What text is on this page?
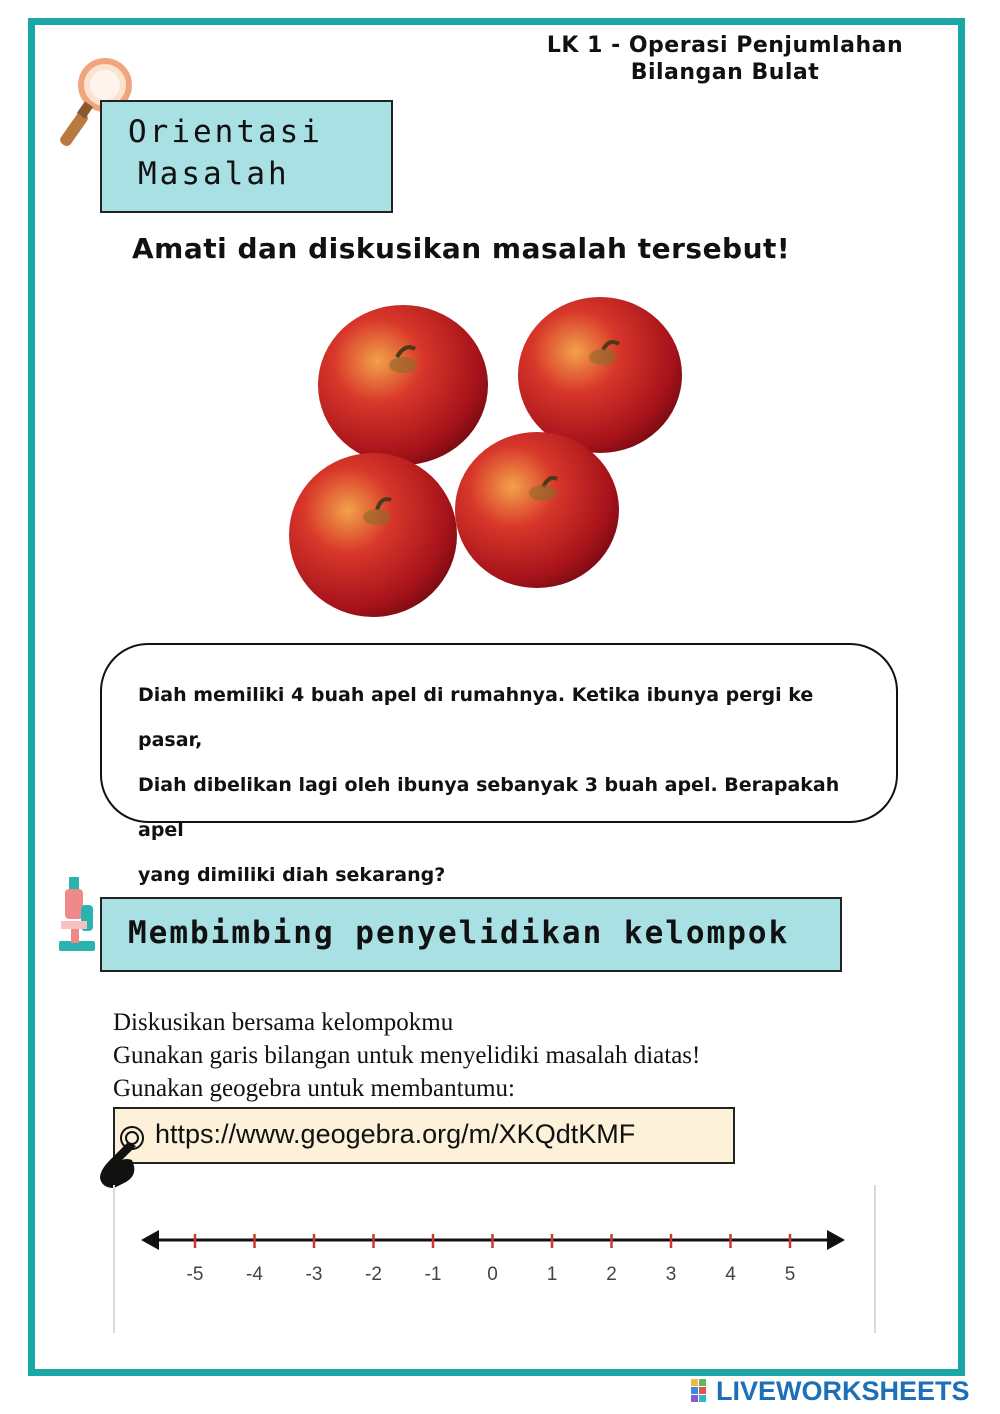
LK 1 - Operasi Penjumlahan
Bilangan Bulat
Orientasi
Masalah
Amati dan diskusikan masalah tersebut!
Diah memiliki 4 buah apel di rumahnya. Ketika ibunya pergi ke pasar,
Diah dibelikan lagi oleh ibunya sebanyak 3 buah apel. Berapakah apel
yang dimiliki diah sekarang?
Membimbing penyelidikan kelompok
Diskusikan bersama kelompokmu
Gunakan garis bilangan untuk menyelidiki masalah diatas!
Gunakan geogebra untuk membantumu:
https://www.geogebra.org/m/XKQdtKMF
-5 -4 -3 -2 -1 0	1	2	3	4	5
LIVEWORKSHEETS
